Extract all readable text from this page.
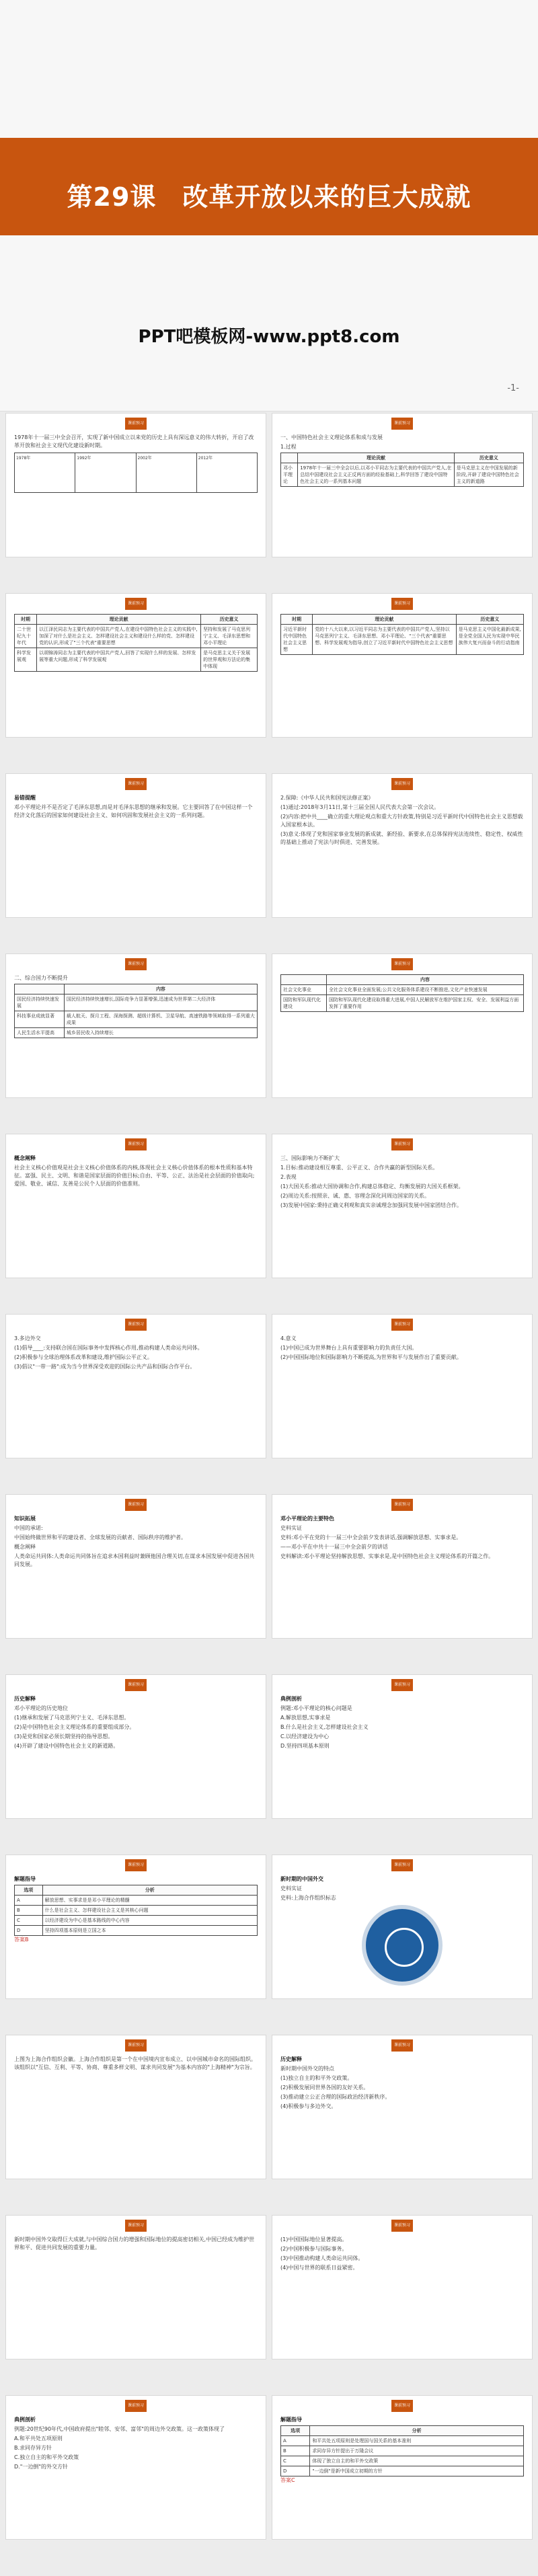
第29课　改革开放以来的巨大成就
PPT吧模板网-www.ppt8.com
-1-
课前预习

1978年十一届三中全会召开，实现了新中国成立以来党的历史上具有深远意义的伟大转折，开启了改革开放和社会主义现代化建设新时期。

1978年	1992年	2002年	2012年
课前预习

一、中国特色社会主义理论体系和成与发展

1.过程

	理论贡献	历史意义
邓小平理论	1978年十一届三中全会以后,以邓小平同志为主要代表的中国共产党人,在总结中国建设社会主义正反两方面的经验基础上,科学回答了建设中国特色社会主义的一系列基本问题	是马克思主义在中国发展的新阶段,开辟了建设中国特色社会主义的新道路
课前预习
时期	理论贡献	历史意义
二十世纪九十年代	以江泽民同志为主要代表的中国共产党人,在建设中国特色社会主义的实践中,加深了对什么是社会主义、怎样建设社会主义和建设什么样的党、怎样建设党的认识,形成了"三个代表"重要思想	坚持和发展了马克思列宁主义、毛泽东思想和邓小平理论
科学发展观	以胡锦涛同志为主要代表的中国共产党人,回答了实现什么样的发展、怎样发展等重大问题,形成了科学发展观	是马克思主义关于发展的世界观和方法论的集中体现
课前预习
时期	理论贡献	历史意义
习近平新时代中国特色社会主义思想	党的十八大以来,以习近平同志为主要代表的中国共产党人,坚持以马克思列宁主义、毛泽东思想、邓小平理论、"三个代表"重要思想、科学发展观为指导,创立了习近平新时代中国特色社会主义思想	是马克思主义中国化最新成果,是全党全国人民为实现中华民族伟大复兴而奋斗的行动指南
课前预习

易错提醒

邓小平理论并不是否定了毛泽东思想,而是对毛泽东思想的继承和发展。它主要回答了在中国这样一个经济文化落后的国家如何建设社会主义、如何巩固和发展社会主义的一系列问题。

课前预习

2.保障:《中华人民共和国宪法修正案》

(1)通过:2018年3月11日,第十三届全国人民代表大会第一次会议。

(2)内容:把中共____确立的重大理论观点和重大方针政策,特别是习近平新时代中国特色社会主义思想载入国家根本法。

(3)意义:体现了党和国家事业发展的新成就、新经验、新要求,在总体保持宪法连续性、稳定性、权威性的基础上推动了宪法与时俱进、完善发展。

课前预习

二、综合国力不断提升

	内容
国民经济持续快速发展	国民经济持续快速增长,国际竞争力显著增强,迅速成为世界第二大经济体
科技事业成就显著	载人航天、探月工程、深海探测、超级计算机、卫星导航、高速铁路等领域取得一系列重大成果
人民生活水平提高	城乡居民收入持续增长
课前预习
	内容
社会文化事业	全社会文化事业全面发展;公共文化服务体系建设不断推进,文化产业快速发展
国防和军队现代化建设	国防和军队现代化建设取得重大进展,中国人民解放军在维护国家主权、安全、发展利益方面发挥了重要作用
课前预习

概念阐释

社会主义核心价值观是社会主义核心价值体系的内核,体现社会主义核心价值体系的根本性质和基本特征。富强、民主、文明、和谐是国家层面的价值目标;自由、平等、公正、法治是社会层面的价值取向;爱国、敬业、诚信、友善是公民个人层面的价值准则。

课前预习

三、国际影响力不断扩大

1.目标:推动建设相互尊重、公平正义、合作共赢的新型国际关系。

2.表现

(1)大国关系:推动大国协调和合作,构建总体稳定、均衡发展的大国关系框架。

(2)周边关系:按照亲、诚、惠、容理念深化同周边国家的关系。

(3)发展中国家:秉持正确义利观和真实亲诚理念加强同发展中国家团结合作。

课前预习

3.多边外交

(1)倡导____:支持联合国在国际事务中发挥核心作用,推动构建人类命运共同体。

(2)积极参与全球治理体系改革和建设,维护国际公平正义。

(3)倡议"一带一路":成为当今世界深受欢迎的国际公共产品和国际合作平台。

课前预习

4.意义

(1)中国已成为世界舞台上具有重要影响力的负责任大国。

(2)中国国际地位和国际影响力不断提高,为世界和平与发展作出了重要贡献。

课前预习

知识拓展

中国的承诺:

中国始终做世界和平的建设者、全球发展的贡献者、国际秩序的维护者。

概念阐释

人类命运共同体:人类命运共同体旨在追求本国利益时兼顾他国合理关切,在谋求本国发展中促进各国共同发展。

课前预习

邓小平理论的主要特色

史料实证

史料:邓小平在党的十一届三中全会前夕发表讲话,强调解放思想、实事求是。

——邓小平在中共十一届三中全会前夕的讲话

史料解读:邓小平理论坚持解放思想、实事求是,是中国特色社会主义理论体系的开篇之作。

课前预习

历史解释

邓小平理论的历史地位

(1)继承和发展了马克思列宁主义、毛泽东思想。

(2)是中国特色社会主义理论体系的重要组成部分。

(3)是党和国家必须长期坚持的指导思想。

(4)开辟了建设中国特色社会主义的新道路。

课前预习

典例剖析

例题:邓小平理论的核心问题是

A.解放思想,实事求是

B.什么是社会主义,怎样建设社会主义

C.以经济建设为中心

D.坚持四项基本原则

课前预习

解题指导

选项	分析
A	解放思想、实事求是是邓小平理论的精髓
B	什么是社会主义、怎样建设社会主义是其核心问题
C	以经济建设为中心是基本路线的中心内容
D	坚持四项基本原则是立国之本

答案B

课前预习

新时期的中国外交

史料实证

史料:上海合作组织标志

课前预习

上图为上海合作组织会徽。上海合作组织是第一个在中国境内宣布成立、以中国城市命名的国际组织。该组织以"互信、互利、平等、协商、尊重多样文明、谋求共同发展"为基本内容的"上海精神"为宗旨。

课前预习

历史解释

新时期中国外交的特点

(1)独立自主的和平外交政策。

(2)积极发展同世界各国的友好关系。

(3)推动建立公正合理的国际政治经济新秩序。

(4)积极参与多边外交。

课前预习

新时期中国外交取得巨大成就,与中国综合国力的增强和国际地位的提高密切相关,中国已经成为维护世界和平、促进共同发展的重要力量。

课前预习

(1)中国国际地位显著提高。

(2)中国积极参与国际事务。

(3)中国推动构建人类命运共同体。

(4)中国与世界的联系日益紧密。

课前预习

典例剖析

例题:20世纪90年代,中国政府提出"睦邻、安邻、富邻"的周边外交政策。这一政策体现了

A.和平共处五项原则

B.求同存异方针

C.独立自主的和平外交政策

D."一边倒"的外交方针

课前预习

解题指导

选项	分析
A	和平共处五项原则是处理国与国关系的基本准则
B	求同存异方针提出于万隆会议
C	体现了独立自主的和平外交政策
D	"一边倒"是新中国成立初期的方针

答案C
